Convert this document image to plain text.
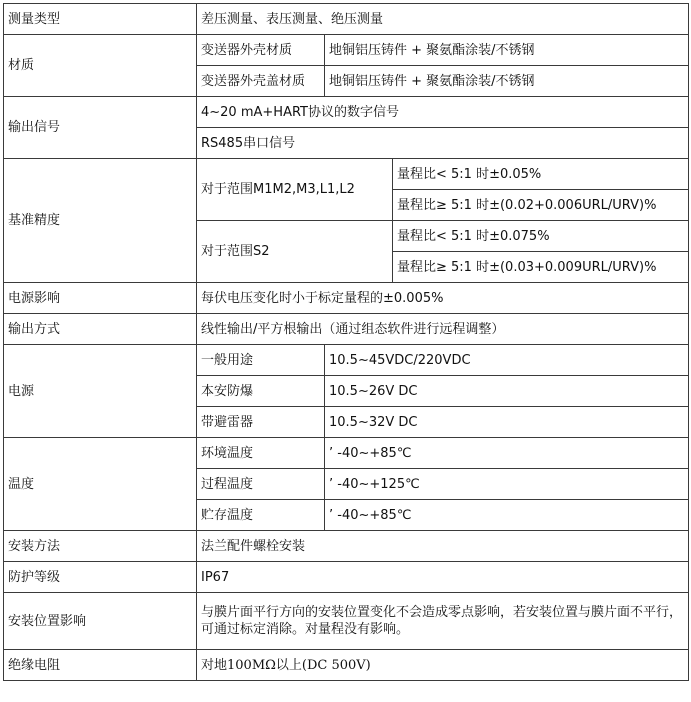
测量类型	差压测量、表压测量、绝压测量		
材质	变送器外壳材质	地铜铝压铸件 + 聚氨酯涂装/不锈钢	
	变送器外壳盖材质	地铜铝压铸件 + 聚氨酯涂装/不锈钢	
输出信号	4~20 mA+HART协议的数字信号		
	RS485串口信号		
基准精度	对于范围M1M2,M3,L1,L2		量程比< 5:1 时±0.05%
			量程比≥ 5:1 时±(0.02+0.006URL/URV)%
	对于范围S2		量程比< 5:1 时±0.075%
			量程比≥ 5:1 时±(0.03+0.009URL/URV)%
电源影响	每伏电压变化时小于标定量程的±0.005%		
输出方式	线性输出/平方根输出（通过组态软件进行远程调整）		
电源	一般用途	10.5~45VDC/220VDC	
	本安防爆	10.5~26V DC	
	带避雷器	10.5~32V DC	
温度	环境温度	’ -40~+85℃	
	过程温度	’ -40~+125℃	
	贮存温度	’ -40~+85℃	
安装方法	法兰配件螺栓安装		
防护等级	IP67		
安装位置影响	与膜片面平行方向的安装位置变化不会造成零点影响，若安装位置与膜片面不平行，可通过标定消除。对量程没有影响。		
绝缘电阻	对地100MΩ以上(DC 500V)		
